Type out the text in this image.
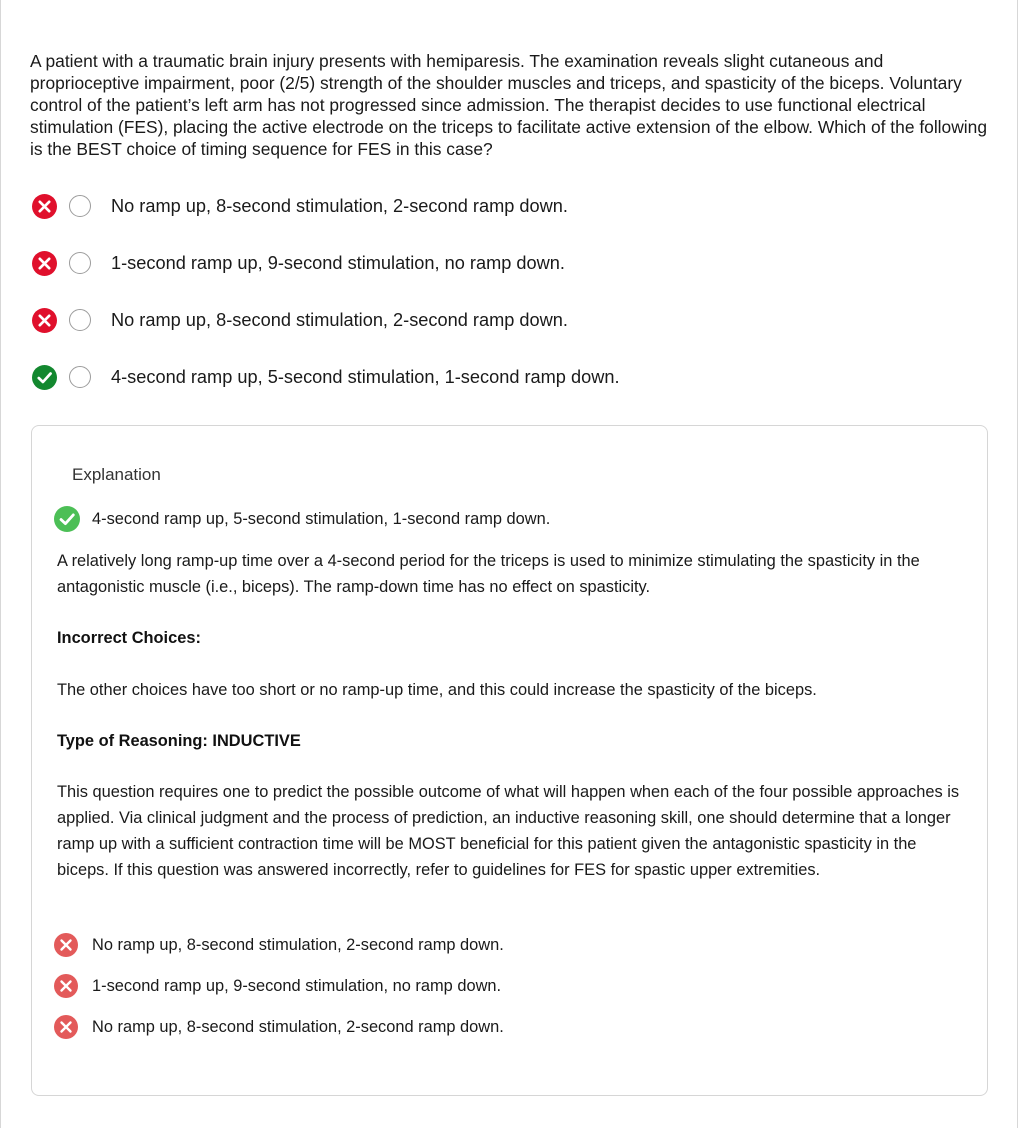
A patient with a traumatic brain injury presents with hemiparesis. The examination reveals slight cutaneous and proprioceptive impairment, poor (2/5) strength of the shoulder muscles and triceps, and spasticity of the biceps. Voluntary control of the patient’s left arm has not progressed since admission. The therapist decides to use functional electrical stimulation (FES), placing the active electrode on the triceps to facilitate active extension of the elbow. Which of the following is the BEST choice of timing sequence for FES in this case?
No ramp up, 8-second stimulation, 2-second ramp down.
1-second ramp up, 9-second stimulation, no ramp down.
No ramp up, 8-second stimulation, 2-second ramp down.
4-second ramp up, 5-second stimulation, 1-second ramp down.
Explanation
4-second ramp up, 5-second stimulation, 1-second ramp down.
A relatively long ramp-up time over a 4-second period for the triceps is used to minimize stimulating the spasticity in the antagonistic muscle (i.e., biceps). The ramp-down time has no effect on spasticity.
Incorrect Choices:
The other choices have too short or no ramp-up time, and this could increase the spasticity of the biceps.
Type of Reasoning: INDUCTIVE
This question requires one to predict the possible outcome of what will happen when each of the four possible approaches is applied. Via clinical judgment and the process of prediction, an inductive reasoning skill, one should determine that a longer ramp up with a sufficient contraction time will be MOST beneficial for this patient given the antagonistic spasticity in the biceps. If this question was answered incorrectly, refer to guidelines for FES for spastic upper extremities.
No ramp up, 8-second stimulation, 2-second ramp down.
1-second ramp up, 9-second stimulation, no ramp down.
No ramp up, 8-second stimulation, 2-second ramp down.
